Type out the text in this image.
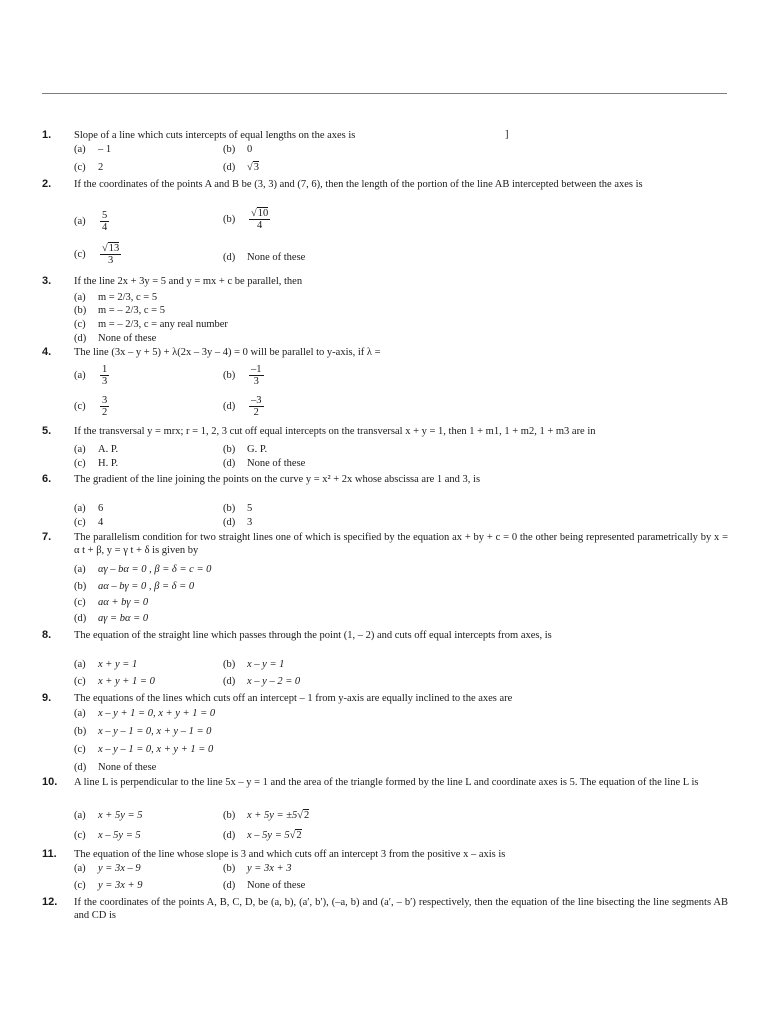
1.	Slope of a line which cuts intercepts of equal lengths on the axes is	]
(a) – 1	(b) 0
(c) 2	(d) √3
2.	If the coordinates of the points A and B be (3, 3) and (7, 6), then the length of the portion of the line AB intercepted between the axes is
$(a) \frac{5}{4}$	$(b) \frac{√10}{4}$
$(c) \frac{√13}{3}$	(d) None of these
3.	If the line 2x + 3y = 5 and y = mx + c be parallel, then
(a) m = 2/3, c = 5
(b) m = – 2/3, c = 5
(c) m = – 2/3, c = any real number
(d) None of these
4.	The line (3x – y + 5) + λ(2x – 3y – 4) = 0 will be parallel to y-axis, if λ =
$(a) \frac{1}{3}$	$(b) \frac{-1}{3}$
$(c) \frac{3}{2}$	$(d) \frac{-3}{2}$
5.	If the transversal y = mrx; r = 1, 2, 3 cut off equal intercepts on the transversal x + y = 1, then 1 + m1, 1 + m2, 1 + m3 are in
(a) A. P.	(b) G. P.
(c) H. P.	(d) None of these
6.	The gradient of the line joining the points on the curve y = x² + 2x whose abscissa are 1 and 3, is
(a) 6	(b) 5
(c) 4	(d) 3
7.	The parallelism condition for two straight lines one of which is specified by the equation ax + by + c = 0 the other being represented parametrically by x = α t + β, y = γ t + δ is given by
(a) αγ – bα = 0 , β = δ = c = 0
(b) aα – bγ = 0 , β = δ = 0
(c) aα + bγ = 0
(d) aγ = bα = 0
8.	The equation of the straight line which passes through the point (1, – 2) and cuts off equal intercepts from axes, is
(a) x + y = 1	(b) x – y = 1
(c) x + y + 1 = 0	(d) x – y – 2 = 0
9.	The equations of the lines which cuts off an intercept – 1 from y-axis are equally inclined to the axes are
(a) x – y + 1 = 0, x + y + 1 = 0
(b) x – y – 1 = 0, x + y – 1 = 0
(c) x – y – 1 = 0, x + y + 1 = 0
(d) None of these
10.	A line L is perpendicular to the line 5x – y = 1 and the area of the triangle formed by the line L and coordinate axes is 5. The equation of the line L is
(a) x + 5y = 5	(b) x + 5y = ±5√2
(c) x – 5y = 5	(d) x – 5y = 5√2
11.	The equation of the line whose slope is 3 and which cuts off an intercept 3 from the positive x – axis is
(a) y = 3x – 9	(b) y = 3x + 3
(c) y = 3x + 9	(d) None of these
12.	If the coordinates of the points A, B, C, D, be (a, b), (a′, b′), (–a, b) and (a′, – b′) respectively, then the equation of the line bisecting the line segments AB and CD is
